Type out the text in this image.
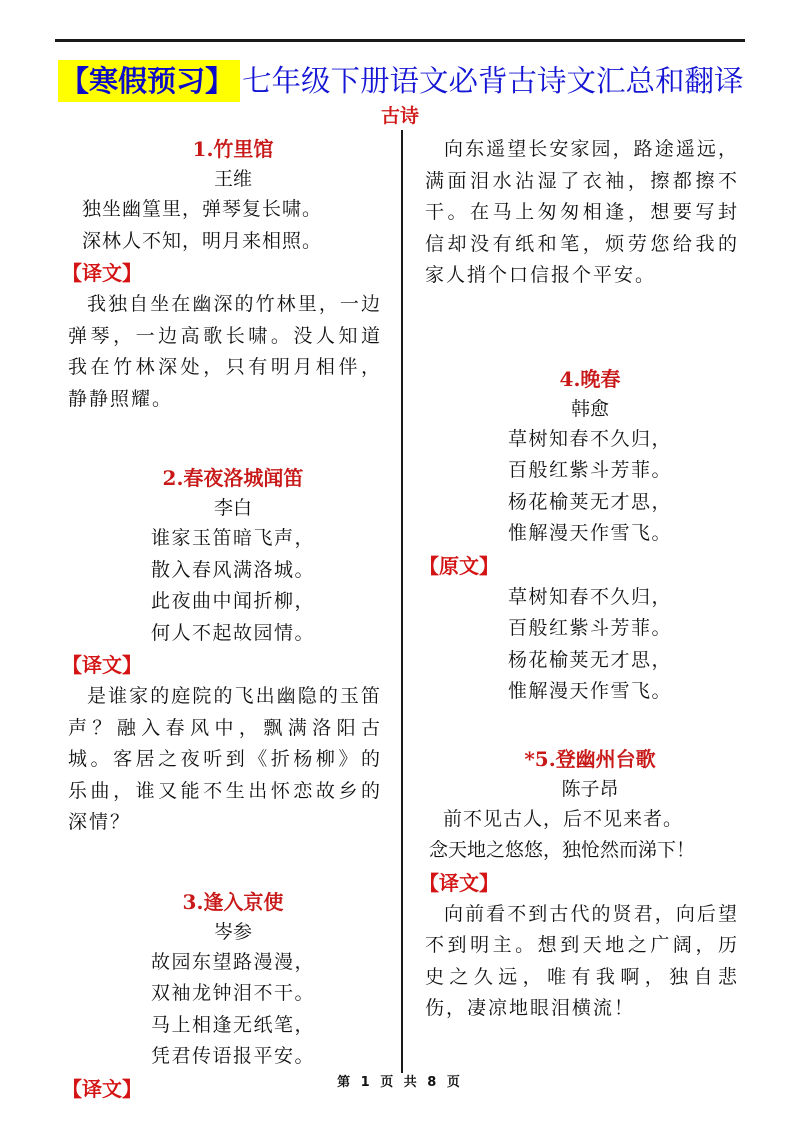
【寒假预习】 七年级下册语文必背古诗文汇总和翻译
古诗
1.竹里馆
王维
独坐幽篁里，弹琴复长啸。
深林人不知，明月来相照。
【译文】

我独自坐在幽深的竹林里，一边弹琴，一边高歌长啸。没人知道我在竹林深处，只有明月相伴，静静照耀。

2.春夜洛城闻笛
李白
谁家玉笛暗飞声，
散入春风满洛城。
此夜曲中闻折柳，
何人不起故园情。
【译文】

是谁家的庭院的飞出幽隐的玉笛声？融入春风中，飘满洛阳古城。客居之夜听到《折杨柳》的乐曲，谁又能不生出怀恋故乡的深情？

3.逢入京使
岑参
故园东望路漫漫，
双袖龙钟泪不干。
马上相逢无纸笔，
凭君传语报平安。
【译文】

向东遥望长安家园，路途遥远，满面泪水沾湿了衣袖，擦都擦不干。在马上匆匆相逢，想要写封信却没有纸和笔，烦劳您给我的家人捎个口信报个平安。

4.晚春
韩愈
草树知春不久归，
百般红紫斗芳菲。
杨花榆荚无才思，
惟解漫天作雪飞。
【原文】
草树知春不久归，
百般红紫斗芳菲。
杨花榆荚无才思，
惟解漫天作雪飞。
*5.登幽州台歌
陈子昂
前不见古人，后不见来者。
念天地之悠悠，独怆然而涕下！
【译文】

向前看不到古代的贤君，向后望不到明主。想到天地之广阔，历史之久远，唯有我啊，独自悲伤，凄凉地眼泪横流！

第 1 页 共 8 页
